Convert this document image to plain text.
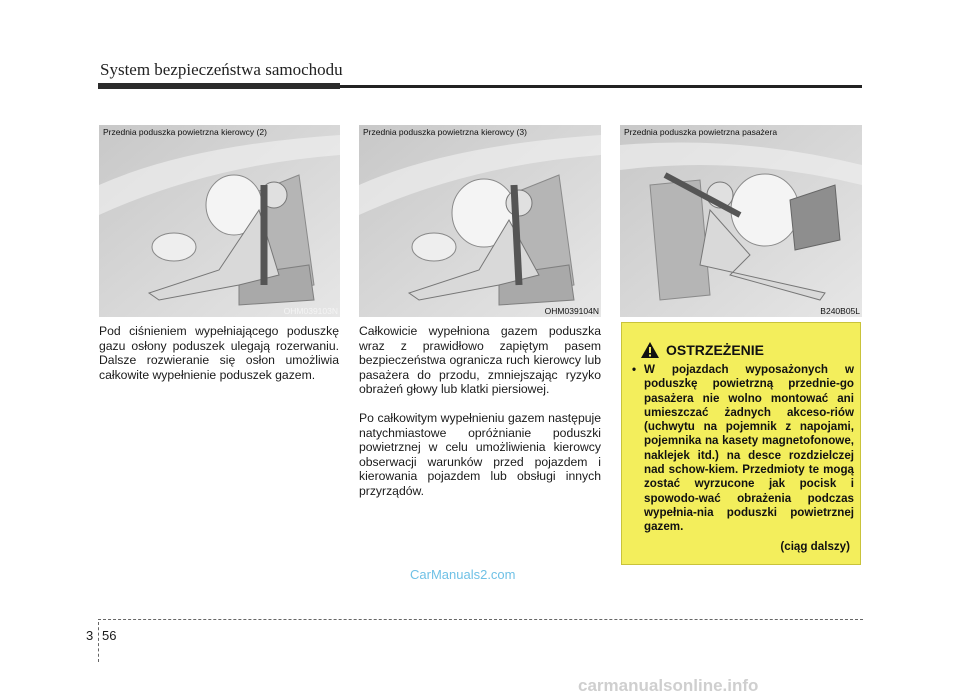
System bezpieczeństwa samochodu
Przednia poduszka powietrzna kierowcy (2)
OHM039103N
Przednia poduszka powietrzna kierowcy (3)
OHM039104N
Przednia poduszka powietrzna pasażera
B240B05L

Pod ciśnieniem wypełniającego poduszkę gazu osłony poduszek ulegają rozerwaniu. Dalsze rozwieranie się osłon umożliwia całkowite wypełnienie poduszek gazem.

Całkowicie wypełniona gazem poduszka wraz z prawidłowo zapiętym pasem bezpieczeństwa ogranicza ruch kierowcy lub pasażera do przodu, zmniejszając ryzyko obrażeń głowy lub klatki piersiowej.

Po całkowitym wypełnieniu gazem następuje natychmiastowe opróżnianie poduszki powietrznej w celu umożliwienia kierowcy obserwacji warunków przed pojazdem i kierowania pojazdem lub obsługi innych przyrządów.

OSTRZEŻENIE
• W pojazdach wyposażonych w poduszkę powietrzną przednie-go pasażera nie wolno montować ani umieszczać żadnych akceso-riów (uchwytu na pojemnik z napojami, pojemnika na kasety magnetofonowe, naklejek itd.) na desce rozdzielczej nad schow-kiem. Przedmioty te mogą zostać wyrzucone jak pocisk i spowodo-wać obrażenia podczas wypełnia-nia poduszki powietrznej gazem.
(ciąg dalszy)
CarManuals2.com
3 56
carmanualsonline.info
